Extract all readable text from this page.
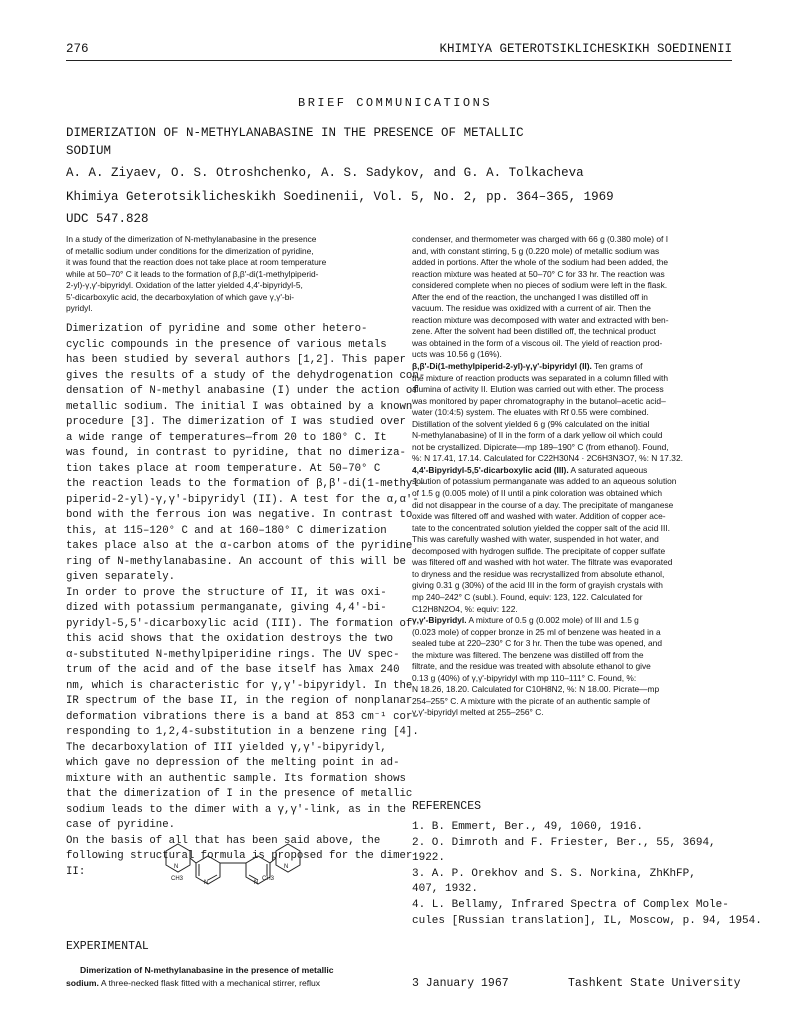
276	KHIMIYA GETEROTSIKLICHESKIKH SOEDINENII
BRIEF COMMUNICATIONS
DIMERIZATION OF N-METHYLANABASINE IN THE PRESENCE OF METALLIC SODIUM
A. A. Ziyaev, O. S. Otroshchenko, A. S. Sadykov, and G. A. Tolkacheva
Khimiya Geterotsiklicheskikh Soedinenii, Vol. 5, No. 2, pp. 364–365, 1969
UDC 547.828
In a study of the dimerization of N-methylanabasine in the presence
of metallic sodium under conditions for the dimerization of pyridine,
it was found that the reaction does not take place at room temperature
while at 50–70° C it leads to the formation of β,β'-di(1-methylpiperid-
2-yl)-γ,γ'-bipyridyl. Oxidation of the latter yielded 4,4'-bipyridyl-5,
5'-dicarboxylic acid, the decarboxylation of which gave γ,γ'-bi-
pyridyl.
Dimerization of pyridine and some other hetero-
cyclic compounds in the presence of various metals
has been studied by several authors [1,2]. This paper
gives the results of a study of the dehydrogenation con-
densation of N-methyl anabasine (I) under the action of
metallic sodium. The initial I was obtained by a known
procedure [3]. The dimerization of I was studied over
a wide range of temperatures—from 20 to 180° C. It
was found, in contrast to pyridine, that no dimeriza-
tion takes place at room temperature. At 50–70° C
the reaction leads to the formation of β,β'-di(1-methyl-
piperid-2-yl)-γ,γ'-bipyridyl (II). A test for the α,α'-
bond with the ferrous ion was negative. In contrast to
this, at 115–120° C and at 160–180° C dimerization
takes place also at the α-carbon atoms of the pyridine
ring of N-methylanabasine. An account of this will be
given separately.
In order to prove the structure of II, it was oxi-
dized with potassium permanganate, giving 4,4'-bi-
pyridyl-5,5'-dicarboxylic acid (III). The formation of
this acid shows that the oxidation destroys the two
α-substituted N-methylpiperidine rings. The UV spec-
trum of the acid and of the base itself has λmax 240
nm, which is characteristic for γ,γ'-bipyridyl. In the
IR spectrum of the base II, in the region of nonplanar
deformation vibrations there is a band at 853 cm⁻¹ cor-
responding to 1,2,4-substitution in a benzene ring [4].
The decarboxylation of III yielded γ,γ'-bipyridyl,
which gave no depression of the melting point in ad-
mixture with an authentic sample. Its formation shows
that the dimerization of I in the presence of metallic
sodium leads to the dimer with a γ,γ'-link, as in the
case of pyridine.
On the basis of all that has been said above, the
following structural formula is proposed for the dimer
II:
CH3	CH3
N
N	N
N
EXPERIMENTAL
Dimerization of N-methylanabasine in the presence of metallic
sodium. A three-necked flask fitted with a mechanical stirrer, reflux
condenser, and thermometer was charged with 66 g (0.380 mole) of I
and, with constant stirring, 5 g (0.220 mole) of metallic sodium was
added in portions. After the whole of the sodium had been added, the
reaction mixture was heated at 50–70° C for 33 hr. The reaction was
considered complete when no pieces of sodium were left in the flask.
After the end of the reaction, the unchanged I was distilled off in
vacuum. The residue was oxidized with a current of air. Then the
reaction mixture was decomposed with water and extracted with ben-
zene. After the solvent had been distilled off, the technical product
was obtained in the form of a viscous oil. The yield of reaction prod-
ucts was 10.56 g (16%).
β,β'-Di(1-methylpiperid-2-yl)-γ,γ'-bipyridyl (II). Ten grams of
the mixture of reaction products was separated in a column filled with
alumina of activity II. Elution was carried out with ether. The process
was monitored by paper chromatography in the butanol–acetic acid–
water (10:4:5) system. The eluates with Rf 0.55 were combined.
Distillation of the solvent yielded 6 g (9% calculated on the initial
N-methylanabasine) of II in the form of a dark yellow oil which could
not be crystallized. Dipicrate—mp 189–190° C (from ethanol). Found,
%: N 17.41, 17.14. Calculated for C22H30N4 · 2C6H3N3O7, %: N 17.32.
4,4'-Bipyridyl-5,5'-dicarboxylic acid (III). A saturated aqueous
solution of potassium permanganate was added to an aqueous solution
of 1.5 g (0.005 mole) of II until a pink coloration was obtained which
did not disappear in the course of a day. The precipitate of manganese
oxide was filtered off and washed with water. Addition of copper ace-
tate to the concentrated solution yielded the copper salt of the acid III.
This was carefully washed with water, suspended in hot water, and
decomposed with hydrogen sulfide. The precipitate of copper sulfate
was filtered off and washed with hot water. The filtrate was evaporated
to dryness and the residue was recrystallized from absolute ethanol,
giving 0.31 g (30%) of the acid III in the form of grayish crystals with
mp 240–242° C (subl.). Found, equiv: 123, 122. Calculated for
C12H8N2O4, %: equiv: 122.
γ,γ'-Bipyridyl. A mixture of 0.5 g (0.002 mole) of III and 1.5 g
(0.023 mole) of copper bronze in 25 ml of benzene was heated in a
sealed tube at 220–230° C for 3 hr. Then the tube was opened, and
the mixture was filtered. The benzene was distilled off from the
filtrate, and the residue was treated with absolute ethanol to give
0.13 g (40%) of γ,γ'-bipyridyl with mp 110–111° C. Found, %:
N 18.26, 18.20. Calculated for C10H8N2, %: N 18.00. Picrate—mp
254–255° C. A mixture with the picrate of an authentic sample of
γ,γ'-bipyridyl melted at 255–256° C.
REFERENCES
1. B. Emmert, Ber., 49, 1060, 1916.
2. O. Dimroth and F. Friester, Ber., 55, 3694,
1922.
3. A. P. Orekhov and S. S. Norkina, ZhKhFP,
407, 1932.
4. L. Bellamy, Infrared Spectra of Complex Mole-
cules [Russian translation], IL, Moscow, p. 94, 1954.
3 January 1967	Tashkent State University
